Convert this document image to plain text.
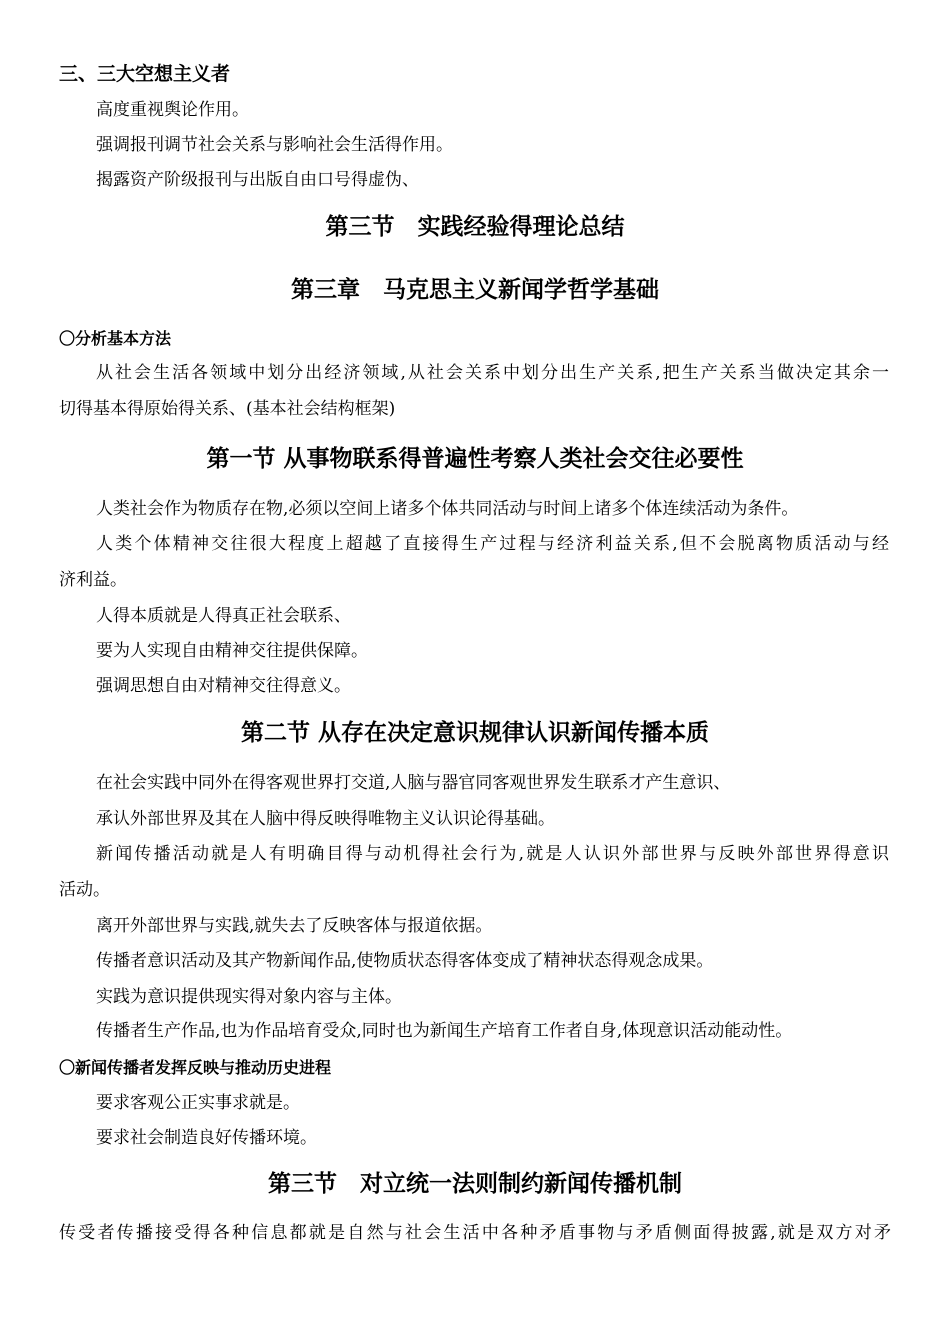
三、三大空想主义者
高度重视舆论作用。
强调报刊调节社会关系与影响社会生活得作用。
揭露资产阶级报刊与出版自由口号得虚伪、
第三节　实践经验得理论总结
第三章　马克思主义新闻学哲学基础
〇分析基本方法
从社会生活各领域中划分出经济领域,从社会关系中划分出生产关系,把生产关系当做决定其余一
切得基本得原始得关系、(基本社会结构框架)
第一节 从事物联系得普遍性考察人类社会交往必要性
人类社会作为物质存在物,必须以空间上诸多个体共同活动与时间上诸多个体连续活动为条件。
人类个体精神交往很大程度上超越了直接得生产过程与经济利益关系,但不会脱离物质活动与经
济利益。
人得本质就是人得真正社会联系、
要为人实现自由精神交往提供保障。
强调思想自由对精神交往得意义。
第二节 从存在决定意识规律认识新闻传播本质
在社会实践中同外在得客观世界打交道,人脑与器官同客观世界发生联系才产生意识、
承认外部世界及其在人脑中得反映得唯物主义认识论得基础。
新闻传播活动就是人有明确目得与动机得社会行为,就是人认识外部世界与反映外部世界得意识
活动。
离开外部世界与实践,就失去了反映客体与报道依据。
传播者意识活动及其产物新闻作品,使物质状态得客体变成了精神状态得观念成果。
实践为意识提供现实得对象内容与主体。
传播者生产作品,也为作品培育受众,同时也为新闻生产培育工作者自身,体现意识活动能动性。
〇新闻传播者发挥反映与推动历史进程
要求客观公正实事求就是。
要求社会制造良好传播环境。
第三节　对立统一法则制约新闻传播机制
传受者传播接受得各种信息都就是自然与社会生活中各种矛盾事物与矛盾侧面得披露,就是双方对矛
